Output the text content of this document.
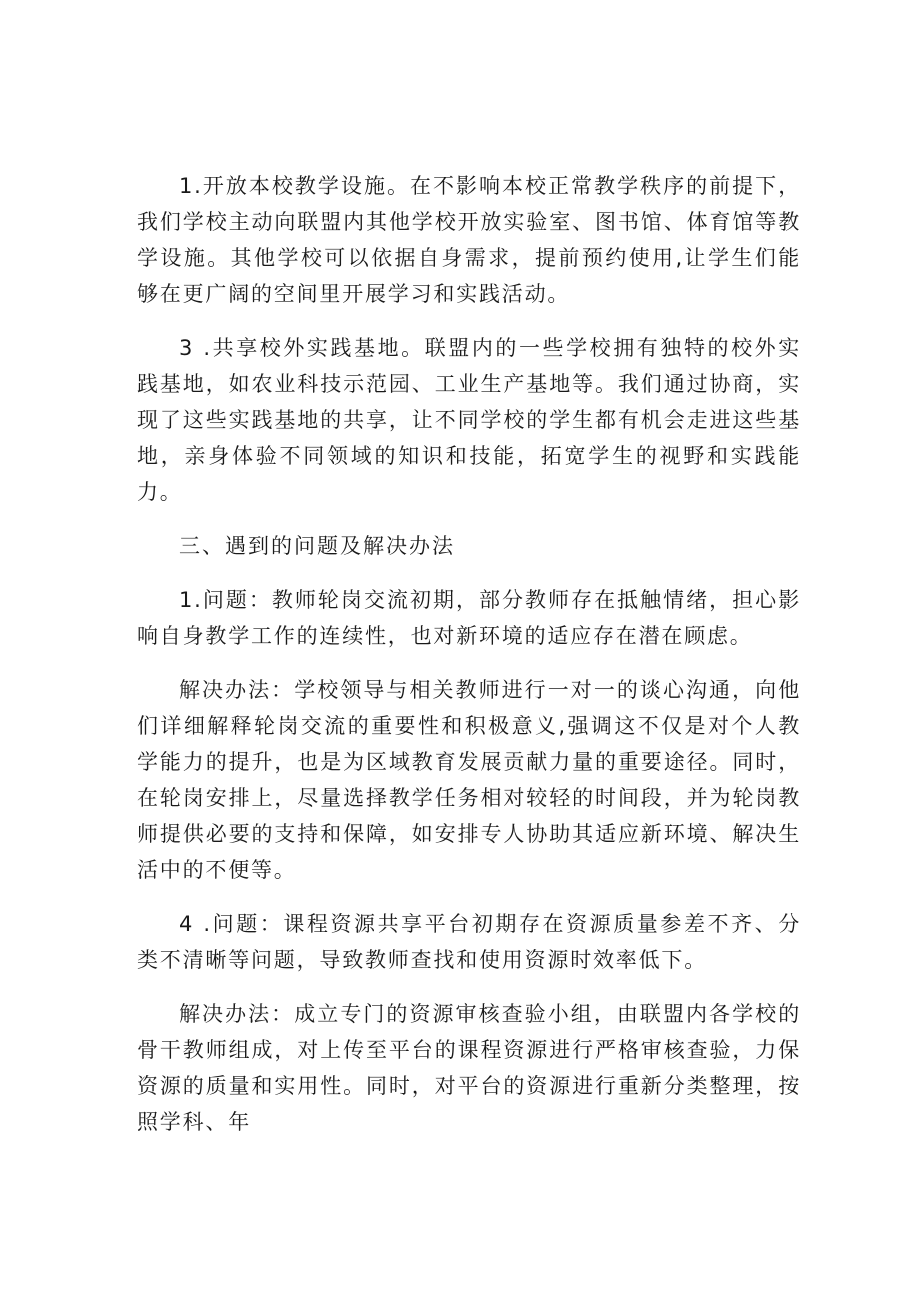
1.开放本校教学设施。在不影响本校正常教学秩序的前提下，我们学校主动向联盟内其他学校开放实验室、图书馆、体育馆等教学设施。其他学校可以依据自身需求，提前预约使用,让学生们能够在更广阔的空间里开展学习和实践活动。

3 .共享校外实践基地。联盟内的一些学校拥有独特的校外实践基地，如农业科技示范园、工业生产基地等。我们通过协商，实现了这些实践基地的共享，让不同学校的学生都有机会走进这些基地，亲身体验不同领域的知识和技能，拓宽学生的视野和实践能力。

三、遇到的问题及解决办法

1.问题：教师轮岗交流初期，部分教师存在抵触情绪，担心影响自身教学工作的连续性，也对新环境的适应存在潜在顾虑。

解决办法：学校领导与相关教师进行一对一的谈心沟通，向他们详细解释轮岗交流的重要性和积极意义,强调这不仅是对个人教学能力的提升，也是为区域教育发展贡献力量的重要途径。同时，在轮岗安排上，尽量选择教学任务相对较轻的时间段，并为轮岗教师提供必要的支持和保障，如安排专人协助其适应新环境、解决生活中的不便等。

4 .问题：课程资源共享平台初期存在资源质量参差不齐、分类不清晰等问题，导致教师查找和使用资源时效率低下。

解决办法：成立专门的资源审核查验小组，由联盟内各学校的骨干教师组成，对上传至平台的课程资源进行严格审核查验，力保资源的质量和实用性。同时，对平台的资源进行重新分类整理，按照学科、年
